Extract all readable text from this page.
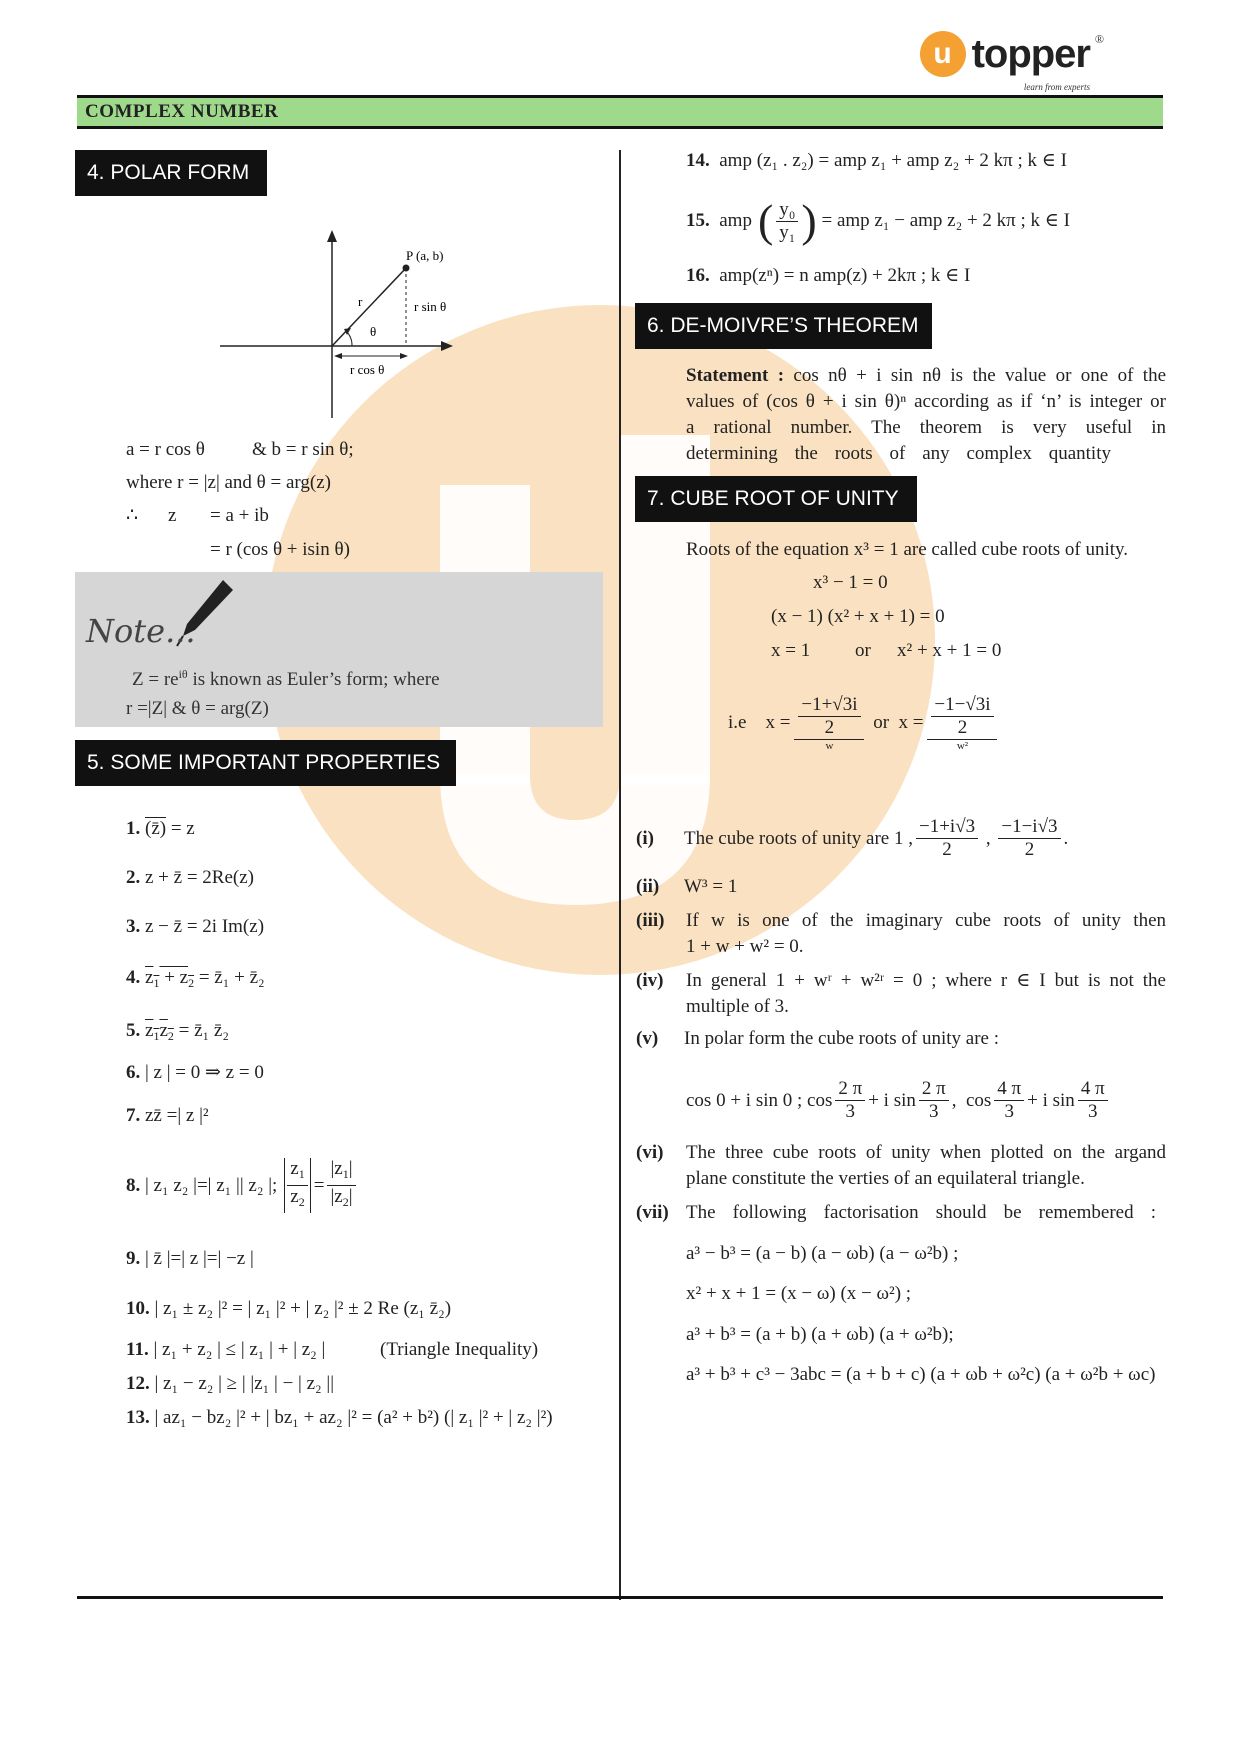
u topper ®
learn from experts
COMPLEX NUMBER
4. POLAR FORM
P (a, b)
r	r sin θ
θ
r cos θ
a = r cos θ & b = r sin θ;
where r = |z| and θ = arg(z)
∴ z = a + ib
= r (cos θ + isin θ)
Note...
$Z = re^{i\theta}$ is known as Euler’s form; where
r =|Z| & θ = arg(Z)
5. SOME IMPORTANT PROPERTIES
1. (z̄) = z
2. z + z̄ = 2Re(z)
3. z − z̄ = 2i Im(z)
4. $z_1 + z_2$ = z̄₁ + z̄₂
5. $z_1z_2$ = z̄₁ z̄₂
6. | z | = 0 ⇒ z = 0
7. zz̄ =| z |²
8.
| z₁ z₂ |=| z₁ || z₂ |; $\frac{z_1}{z_2} = \frac{|z_1|}{|z_2|}$
9. | z̄ |=| z |=| −z |
10. | z₁ ± z₂ |² = | z₁ |² + | z₂ |² ± 2 Re (z₁ z̄₂)
11. | z₁ + z₂ | ≤ | z₁ | + | z₂ |	(Triangle Inequality)
12. | z₁ − z₂ | ≥ | |z₁ | − | z₂ ||
13. | az₁ − bz₂ |² + | bz₁ + az₂ |² = (a² + b²) (| z₁ |² + | z₂ |²)
14. amp (z₁ . z₂) = amp z₁ + amp z₂ + 2 kπ ; k ∈ I
15.
amp ( $\frac{\text{y₀}}{\text{y₁}}$ )
= amp z₁ − amp z₂ + 2 kπ ; k ∈ I
16. amp(zⁿ) = n amp(z) + 2kπ ; k ∈ I
6. DE-MOIVRE’S THEOREM
Statement : cos nθ + i sin nθ is the value or one of the
values of (cos θ + i sin θ)ⁿ according as if ‘n’ is integer or
a rational number. The theorem is very useful in
determining the roots of any complex quantity
7. CUBE ROOT OF UNITY
Roots of the equation x³ = 1 are called cube roots of unity.
x³ − 1 = 0
(x − 1) (x² + x + 1) = 0
x = 1 or x² + x + 1 = 0
i.e
$x = \frac{-1+√3i}{2}$
w

or
$x = \frac{-1-√3i}{2}$
w²
(i)	The cube roots of unity are 1 , $\frac{-1+i√3}{2}$ , $\frac{-1-i√3}{2}$ .
(ii) W³ = 1
(iii)	If w is one of the imaginary cube roots of unity then
1 + w + w² = 0.
(iv)	In general 1 + wʳ + w²ʳ = 0 ; where r ∈ I but is not the
multiple of 3.
(v) In polar form the cube roots of unity are :
cos 0 + i sin 0 ; $\cos \frac{2 \pi}{3} + i$ $\sin \frac{2 \pi}{3}$ , $\cos \frac{4 \pi}{3} + i$ $\sin \frac{4 \pi}{3}$
(vi)	The three cube roots of unity when plotted on the argand
plane constitute the verties of an equilateral triangle.
(vii) The following factorisation should be remembered :
a³ − b³ = (a − b) (a − ωb) (a − ω²b) ;
x² + x + 1 = (x − ω) (x − ω²) ;
a³ + b³ = (a + b) (a + ωb) (a + ω²b);
a³ + b³ + c³ − 3abc = (a + b + c) (a + ωb + ω²c) (a + ω²b + ωc)
